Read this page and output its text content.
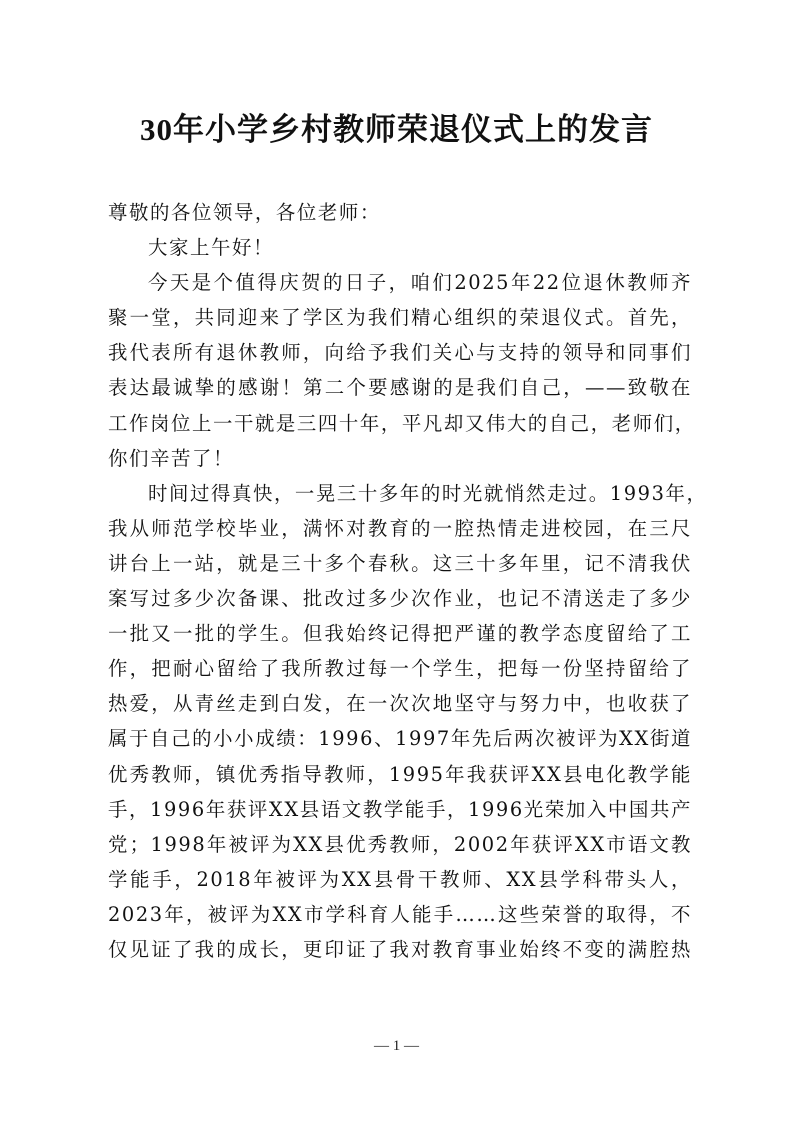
30年小学乡村教师荣退仪式上的发言
尊敬的各位领导，各位老师：
大家上午好！
今天是个值得庆贺的日子，咱们2025年22位退休教师齐
聚一堂，共同迎来了学区为我们精心组织的荣退仪式。首先，
我代表所有退休教师，向给予我们关心与支持的领导和同事们
表达最诚挚的感谢！第二个要感谢的是我们自己，——致敬在
工作岗位上一干就是三四十年，平凡却又伟大的自己，老师们，
你们辛苦了！
时间过得真快，一晃三十多年的时光就悄然走过。1993年，
我从师范学校毕业，满怀对教育的一腔热情走进校园，在三尺
讲台上一站，就是三十多个春秋。这三十多年里，记不清我伏
案写过多少次备课、批改过多少次作业，也记不清送走了多少
一批又一批的学生。但我始终记得把严谨的教学态度留给了工
作，把耐心留给了我所教过每一个学生，把每一份坚持留给了
热爱，从青丝走到白发，在一次次地坚守与努力中，也收获了
属于自己的小小成绩：1996、1997年先后两次被评为XX街道
优秀教师，镇优秀指导教师，1995年我获评XX县电化教学能
手，1996年获评XX县语文教学能手，1996光荣加入中国共产
党；1998年被评为XX县优秀教师，2002年获评XX市语文教
学能手，2018年被评为XX县骨干教师、XX县学科带头人，
2023年，被评为XX市学科育人能手……这些荣誉的取得，不
仅见证了我的成长，更印证了我对教育事业始终不变的满腔热
— 1 —
